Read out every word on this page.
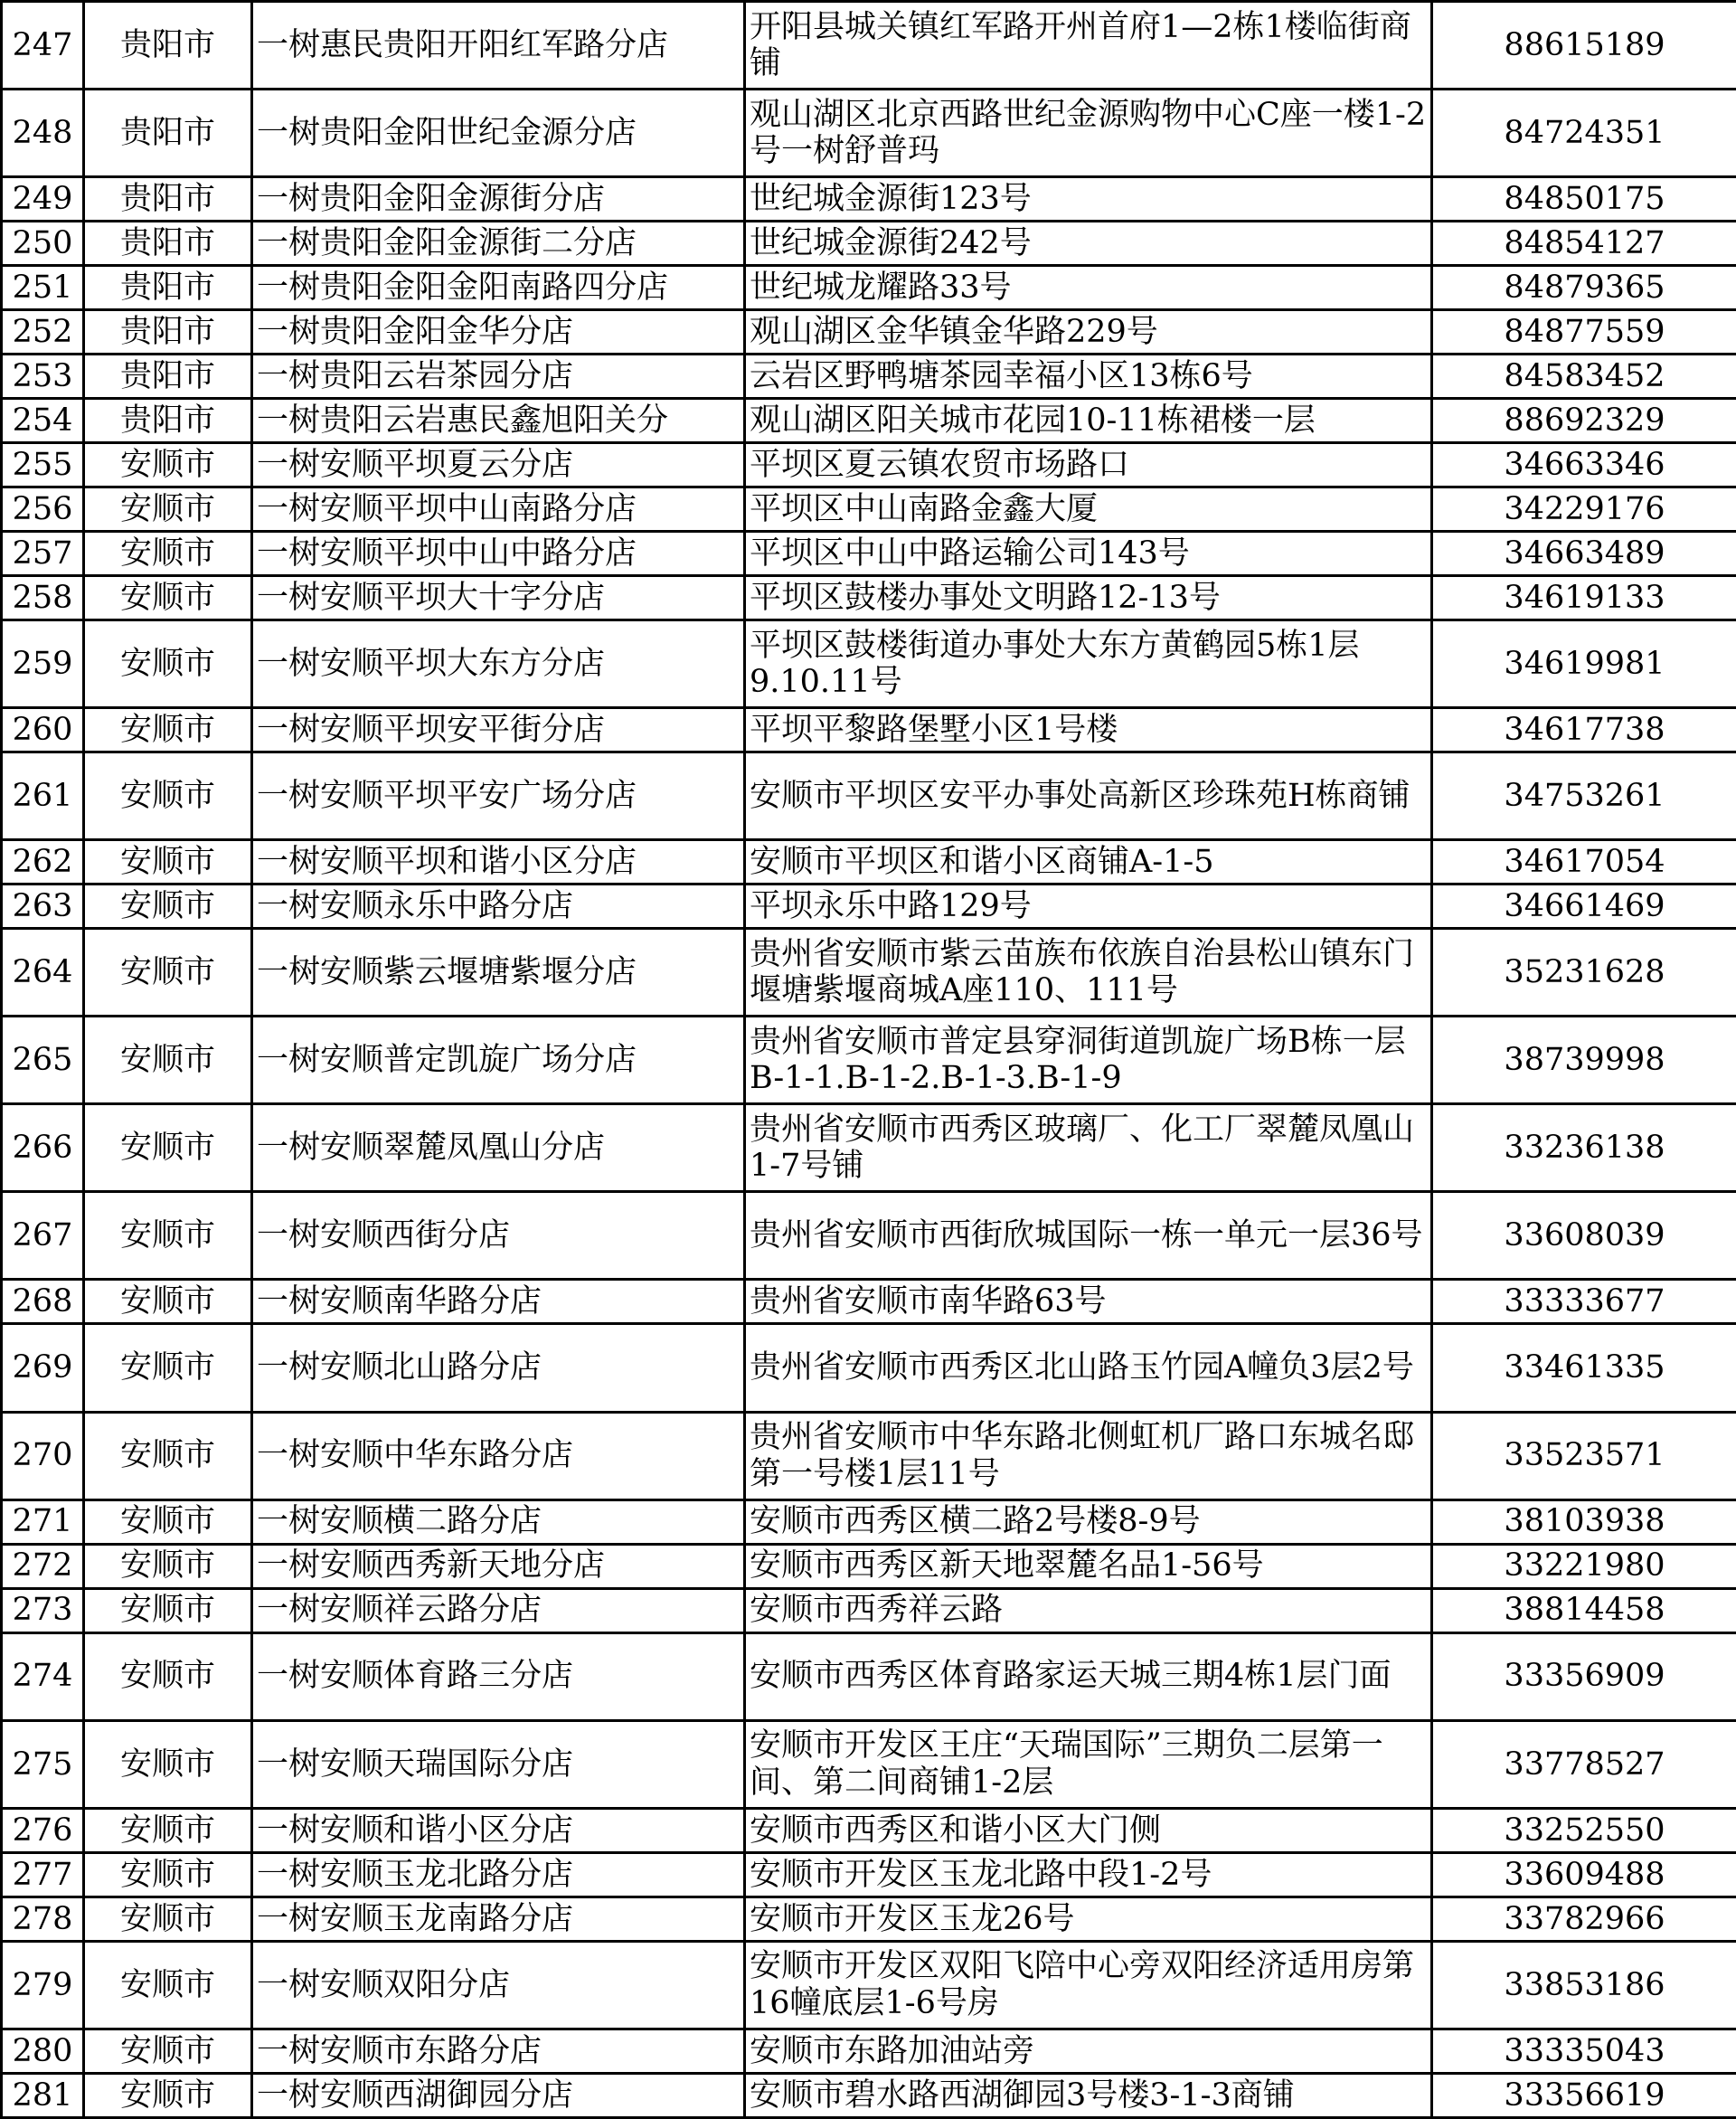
247	贵阳市	一树惠民贵阳开阳红军路分店	开阳县城关镇红军路开州首府1—2栋1楼临街商铺	88615189
248	贵阳市	一树贵阳金阳世纪金源分店	观山湖区北京西路世纪金源购物中心C座一楼1-2号一树舒普玛	84724351
249	贵阳市	一树贵阳金阳金源街分店	世纪城金源街123号	84850175
250	贵阳市	一树贵阳金阳金源街二分店	世纪城金源街242号	84854127
251	贵阳市	一树贵阳金阳金阳南路四分店	世纪城龙耀路33号	84879365
252	贵阳市	一树贵阳金阳金华分店	观山湖区金华镇金华路229号	84877559
253	贵阳市	一树贵阳云岩茶园分店	云岩区野鸭塘茶园幸福小区13栋6号	84583452
254	贵阳市	一树贵阳云岩惠民鑫旭阳关分	观山湖区阳关城市花园10-11栋裙楼一层	88692329
255	安顺市	一树安顺平坝夏云分店	平坝区夏云镇农贸市场路口	34663346
256	安顺市	一树安顺平坝中山南路分店	平坝区中山南路金鑫大厦	34229176
257	安顺市	一树安顺平坝中山中路分店	平坝区中山中路运输公司143号	34663489
258	安顺市	一树安顺平坝大十字分店	平坝区鼓楼办事处文明路12-13号	34619133
259	安顺市	一树安顺平坝大东方分店	平坝区鼓楼街道办事处大东方黄鹤园5栋1层9.10.11号	34619981
260	安顺市	一树安顺平坝安平街分店	平坝平黎路堡墅小区1号楼	34617738
261	安顺市	一树安顺平坝平安广场分店	安顺市平坝区安平办事处高新区珍珠苑H栋商铺	34753261
262	安顺市	一树安顺平坝和谐小区分店	安顺市平坝区和谐小区商铺A-1-5	34617054
263	安顺市	一树安顺永乐中路分店	平坝永乐中路129号	34661469
264	安顺市	一树安顺紫云堰塘紫堰分店	贵州省安顺市紫云苗族布依族自治县松山镇东门堰塘紫堰商城A座110、111号	35231628
265	安顺市	一树安顺普定凯旋广场分店	贵州省安顺市普定县穿洞街道凯旋广场B栋一层B-1-1.B-1-2.B-1-3.B-1-9	38739998
266	安顺市	一树安顺翠麓凤凰山分店	贵州省安顺市西秀区玻璃厂、化工厂翠麓凤凰山1-7号铺	33236138
267	安顺市	一树安顺西街分店	贵州省安顺市西街欣城国际一栋一单元一层36号	33608039
268	安顺市	一树安顺南华路分店	贵州省安顺市南华路63号	33333677
269	安顺市	一树安顺北山路分店	贵州省安顺市西秀区北山路玉竹园A幢负3层2号	33461335
270	安顺市	一树安顺中华东路分店	贵州省安顺市中华东路北侧虹机厂路口东城名邸第一号楼1层11号	33523571
271	安顺市	一树安顺横二路分店	安顺市西秀区横二路2号楼8-9号	38103938
272	安顺市	一树安顺西秀新天地分店	安顺市西秀区新天地翠麓名品1-56号	33221980
273	安顺市	一树安顺祥云路分店	安顺市西秀祥云路	38814458
274	安顺市	一树安顺体育路三分店	安顺市西秀区体育路家运天城三期4栋1层门面	33356909
275	安顺市	一树安顺天瑞国际分店	安顺市开发区王庄“天瑞国际”三期负二层第一间、第二间商铺1-2层	33778527
276	安顺市	一树安顺和谐小区分店	安顺市西秀区和谐小区大门侧	33252550
277	安顺市	一树安顺玉龙北路分店	安顺市开发区玉龙北路中段1-2号	33609488
278	安顺市	一树安顺玉龙南路分店	安顺市开发区玉龙26号	33782966
279	安顺市	一树安顺双阳分店	安顺市开发区双阳飞陪中心旁双阳经济适用房第16幢底层1-6号房	33853186
280	安顺市	一树安顺市东路分店	安顺市东路加油站旁	33335043
281	安顺市	一树安顺西湖御园分店	安顺市碧水路西湖御园3号楼3-1-3商铺	33356619
